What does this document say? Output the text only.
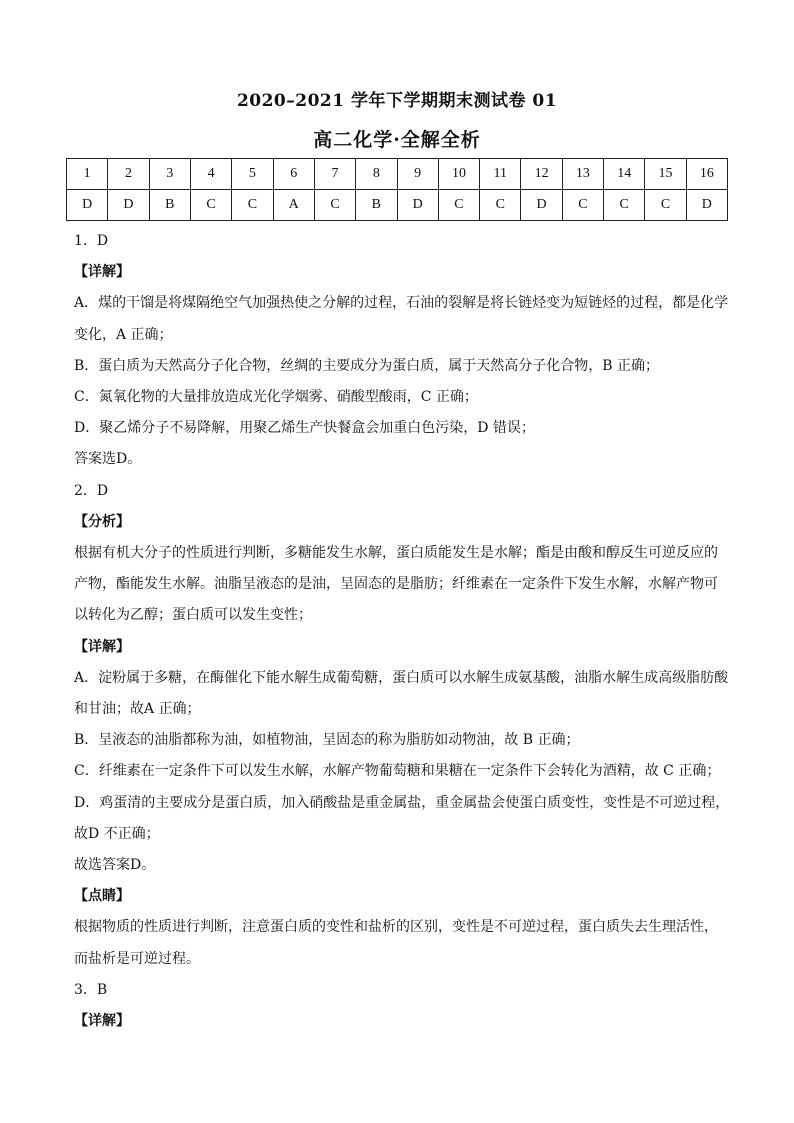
2020–2021 学年下学期期末测试卷 01
高二化学·全解全析
1	2	3	4	5	6	7	8	9	10	11	12	13	14	15	16
D	D	B	C	C	A	C	B	D	C	C	D	C	C	C	D
1．D
【详解】
A．煤的干馏是将煤隔绝空气加强热使之分解的过程，石油的裂解是将长链烃变为短链烃的过程，都是化学
变化，A 正确；
B．蛋白质为天然高分子化合物，丝绸的主要成分为蛋白质，属于天然高分子化合物，B 正确；
C．氮氧化物的大量排放造成光化学烟雾、硝酸型酸雨，C 正确；
D．聚乙烯分子不易降解，用聚乙烯生产快餐盒会加重白色污染，D 错误；
答案选D。
2．D
【分析】
根据有机大分子的性质进行判断，多糖能发生水解，蛋白质能发生是水解；酯是由酸和醇反生可逆反应的
产物，酯能发生水解。油脂呈液态的是油，呈固态的是脂肪；纤维素在一定条件下发生水解，水解产物可
以转化为乙醇；蛋白质可以发生变性；
【详解】
A．淀粉属于多糖，在酶催化下能水解生成葡萄糖，蛋白质可以水解生成氨基酸，油脂水解生成高级脂肪酸
和甘油；故A 正确；
B．呈液态的油脂都称为油，如植物油，呈固态的称为脂肪如动物油，故 B 正确；
C．纤维素在一定条件下可以发生水解，水解产物葡萄糖和果糖在一定条件下会转化为酒精，故 C 正确；
D．鸡蛋清的主要成分是蛋白质，加入硝酸盐是重金属盐，重金属盐会使蛋白质变性，变性是不可逆过程，
故D 不正确；
故选答案D。
【点睛】
根据物质的性质进行判断，注意蛋白质的变性和盐析的区别，变性是不可逆过程，蛋白质失去生理活性，
而盐析是可逆过程。
3．B
【详解】
